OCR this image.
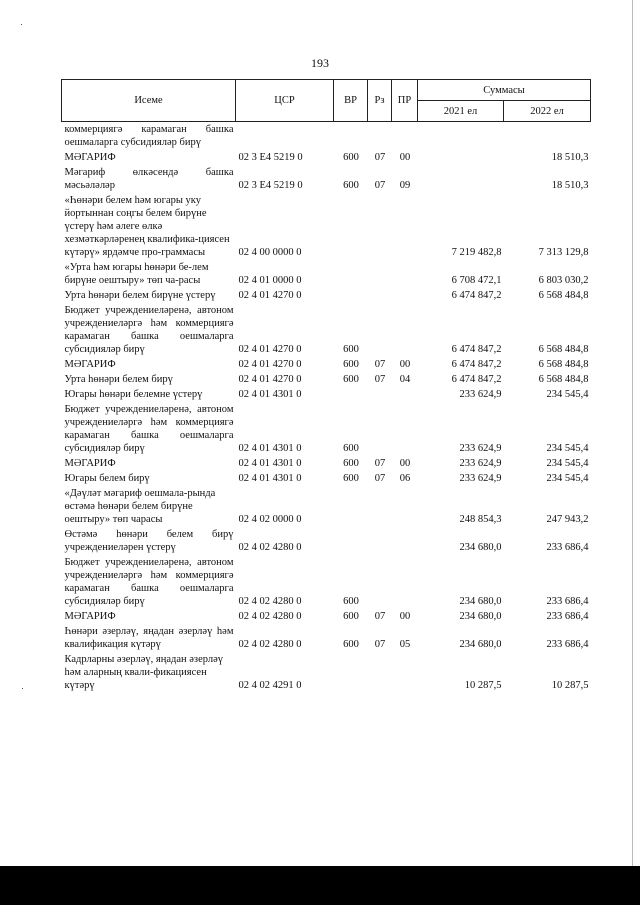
193
Исеме	ЦСР	ВР	Рз	ПР	Суммасы	
					2021 ел	2022 ел
коммерциягә карамаган башка оешмаларга субсидияләр бирү						
МӘГАРИФ	02 3 E4 5219 0	600	07	00		18 510,3
Мәгариф өлкәсендә башка мәсьәләләр	02 3 E4 5219 0	600	07	09		18 510,3
«Һөнәри белем һәм югары уку йортыннан соңгы белем бирүне үстерү һәм әлеге өлкә хезмәткәрләренең квалифика-циясен күтәрү» ярдәмче про-граммасы	02 4 00 0000 0				7 219 482,8	7 313 129,8
«Урта һәм югары һөнәри бе-лем бирүне оештыру» төп ча-расы	02 4 01 0000 0				6 708 472,1	6 803 030,2
Урта һөнәри белем бирүне үстерү	02 4 01 4270 0				6 474 847,2	6 568 484,8
Бюджет учреждениеләренә, автоном учреждениеләргә һәм коммерциягә карамаган башка оешмаларга субсидияләр бирү	02 4 01 4270 0	600			6 474 847,2	6 568 484,8
МӘГАРИФ	02 4 01 4270 0	600	07	00	6 474 847,2	6 568 484,8
Урта һөнәри белем бирү	02 4 01 4270 0	600	07	04	6 474 847,2	6 568 484,8
Югары һөнәри белемне үстерү	02 4 01 4301 0				233 624,9	234 545,4
Бюджет учреждениеләренә, автоном учреждениеләргә һәм коммерциягә карамаган башка оешмаларга субсидияләр бирү	02 4 01 4301 0	600			233 624,9	234 545,4
МӘГАРИФ	02 4 01 4301 0	600	07	00	233 624,9	234 545,4
Югары белем бирү	02 4 01 4301 0	600	07	06	233 624,9	234 545,4
«Дәүләт мәгариф оешмала-рында өстәмә һөнәри белем бирүне оештыру» төп чарасы	02 4 02 0000 0				248 854,3	247 943,2
Өстәмә һөнәри белем бирү учреждениеләрен үстерү	02 4 02 4280 0				234 680,0	233 686,4
Бюджет учреждениеләренә, автоном учреждениеләргә һәм коммерциягә карамаган башка оешмаларга субсидияләр бирү	02 4 02 4280 0	600			234 680,0	233 686,4
МӘГАРИФ	02 4 02 4280 0	600	07	00	234 680,0	233 686,4
Һөнәри әзерләү, яңадан әзерләү һәм квалификация күтәрү	02 4 02 4280 0	600	07	05	234 680,0	233 686,4
Кадрларны әзерләү, яңадан әзерләү һәм аларның квали-фикациясен күтәрү	02 4 02 4291 0				10 287,5	10 287,5
